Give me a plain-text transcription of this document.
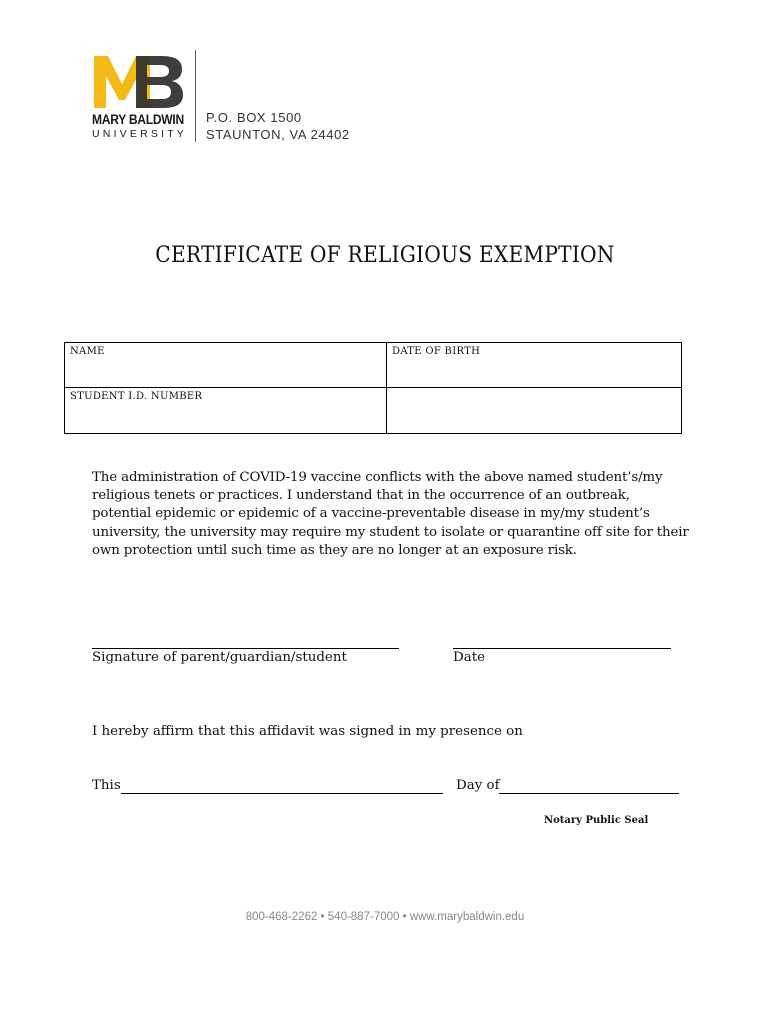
MARY BALDWIN
UNIVERSITY
P.O. BOX 1500
STAUNTON, VA 24402
CERTIFICATE OF RELIGIOUS EXEMPTION
NAME	DATE OF BIRTH
STUDENT I.D. NUMBER
The administration of COVID-19 vaccine conflicts with the above named student’s/my religious tenets or practices. I understand that in the occurrence of an outbreak, potential epidemic or epidemic of a vaccine-preventable disease in my/my student’s university, the university may require my student to isolate or quarantine off site for their own protection until such time as they are no longer at an exposure risk.
Signature of parent/guardian/student	Date
I hereby affirm that this affidavit was signed in my presence on
This	Day of
Notary Public Seal
800-468-2262 • 540-887-7000 • www.marybaldwin.edu
